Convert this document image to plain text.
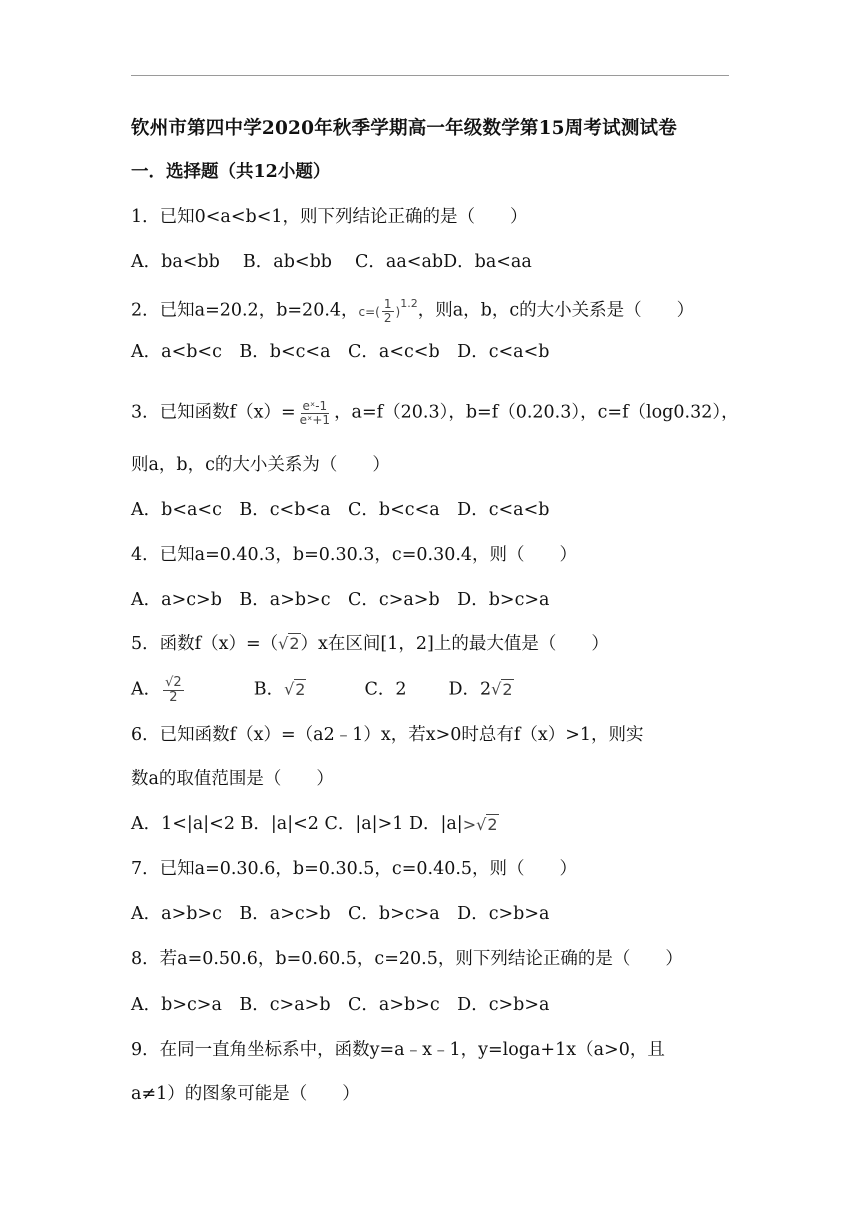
钦州市第四中学2020年秋季学期高一年级数学第15周考试测试卷
一．选择题（共12小题）
1．已知0<a<b<1，则下列结论正确的是（　　）
A．ba<bb　 B．ab<bb　 C．aa<abD．ba<aa
2．已知a=20.2，b=20.4，$c=( \frac{1}{2} )^{1.2}$，则a，b，c的大小关系是（　　）
A．a<b<c　B．b<c<a　C．a<c<b　D．c<a<b
3．已知函数$f(x)= \frac{\text{eˣ-1}}{\text{eˣ+1}}$ ，a=f（20.3），b=f（0.20.3），c=f（log0.32），
则a，b，c的大小关系为（　　）
A．b<a<c　B．c<b<a　C．b<c<a　D．c<a<b
4．已知a=0.40.3，b=0.30.3，c=0.30.4，则（　　）
A．a>c>b　B．a>b>c　C．c>a>b　D．b>c>a
5．函数f（x）=（√2）x在区间[1，2]上的最大值是（　　）
A． $\frac{√2}{2}$	B．√2	C．2 D．2√2
6．已知函数f（x）=（a2﹣1）x，若x>0时总有f（x）>1，则实
数a的取值范围是（　　）
A．1<|a|<2 B．|a|<2 C．|a|>1 D．|a|>√2
7．已知a=0.30.6，b=0.30.5，c=0.40.5，则（　　）
A．a>b>c　B．a>c>b　C．b>c>a　D．c>b>a
8．若a=0.50.6，b=0.60.5，c=20.5，则下列结论正确的是（　　）
A．b>c>a　B．c>a>b　C．a>b>c　D．c>b>a
9．在同一直角坐标系中，函数y=a﹣x﹣1，y=loga+1x（a>0，且
a≠1）的图象可能是（　　）
